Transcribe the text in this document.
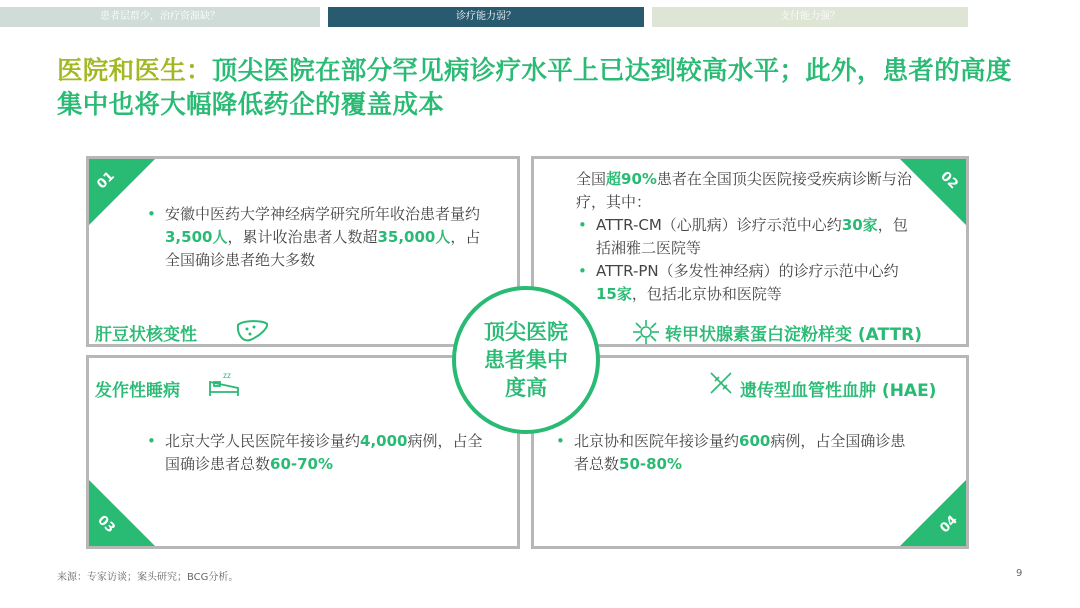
患者层群少，治疗资源缺？	诊疗能力弱？	支付能力强？
医院和医生：顶尖医院在部分罕见病诊疗水平上已达到较高水平；此外，患者的高度集中也将大幅降低药企的覆盖成本
01
• 安徽中医药大学神经病学研究所年收治患者量约3,500人，累计收治患者人数超35,000人，占全国确诊患者绝大多数
肝豆状核变性
02
全国超90%患者在全国顶尖医院接受疾病诊断与治疗，其中：
• ATTR-CM（心肌病）诊疗示范中心约30家，包括湘雅二医院等
• ATTR-PN（多发性神经病）的诊疗示范中心约15家，包括北京协和医院等
转甲状腺素蛋白淀粉样变 (ATTR)
发作性睡病
zz
• 北京大学人民医院年接诊量约4,000病例，占全国确诊患者总数60-70%
03
遗传型血管性血肿 (HAE)
• 北京协和医院年接诊量约600病例，占全国确诊患者总数50-80%
04
顶尖医院患者集中度高
来源：专家访谈；案头研究；BCG分析。	9
